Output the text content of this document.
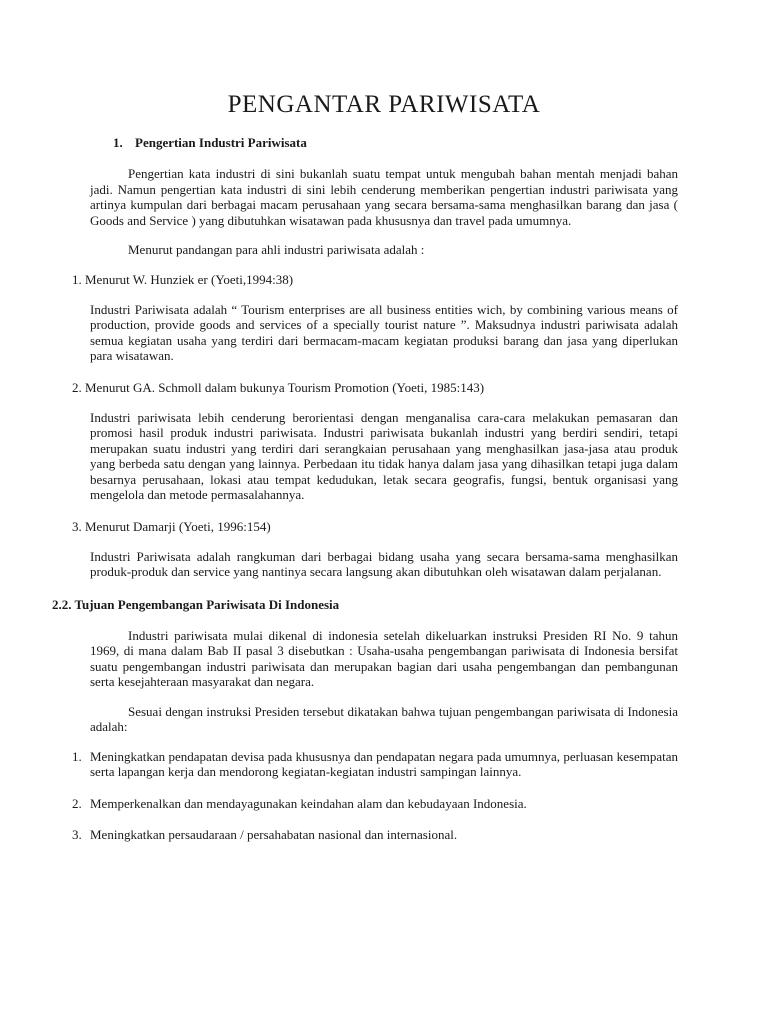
PENGANTAR PARIWISATA
1. Pengertian Industri Pariwisata

Pengertian kata industri di sini bukanlah suatu tempat untuk mengubah bahan mentah menjadi bahan jadi. Namun pengertian kata industri di sini lebih cenderung memberikan pengertian industri pariwisata yang artinya kumpulan dari berbagai macam perusahaan yang secara bersama-sama menghasilkan barang dan jasa ( Goods and Service ) yang dibutuhkan wisatawan pada khususnya dan travel pada umumnya.

Menurut pandangan para ahli industri pariwisata adalah :

1. Menurut W. Hunziek er (Yoeti,1994:38)

Industri Pariwisata adalah “ Tourism enterprises are all business entities wich, by combining various means of production, provide goods and services of a specially tourist nature ”. Maksudnya industri pariwisata adalah semua kegiatan usaha yang terdiri dari bermacam-macam kegiatan produksi barang dan jasa yang diperlukan para wisatawan.

2. Menurut GA. Schmoll dalam bukunya Tourism Promotion (Yoeti, 1985:143)

Industri pariwisata lebih cenderung berorientasi dengan menganalisa cara-cara melakukan pemasaran dan promosi hasil produk industri pariwisata. Industri pariwisata bukanlah industri yang berdiri sendiri, tetapi merupakan suatu industri yang terdiri dari serangkaian perusahaan yang menghasilkan jasa-jasa atau produk yang berbeda satu dengan yang lainnya. Perbedaan itu tidak hanya dalam jasa yang dihasilkan tetapi juga dalam besarnya perusahaan, lokasi atau tempat kedudukan, letak secara geografis, fungsi, bentuk organisasi yang mengelola dan metode permasalahannya.

3. Menurut Damarji (Yoeti, 1996:154)

Industri Pariwisata adalah rangkuman dari berbagai bidang usaha yang secara bersama-sama menghasilkan produk-produk dan service yang nantinya secara langsung akan dibutuhkan oleh wisatawan dalam perjalanan.

2.2. Tujuan Pengembangan Pariwisata Di Indonesia

Industri pariwisata mulai dikenal di indonesia setelah dikeluarkan instruksi Presiden RI No. 9 tahun 1969, di mana dalam Bab II pasal 3 disebutkan : Usaha-usaha pengembangan pariwisata di Indonesia bersifat suatu pengembangan industri pariwisata dan merupakan bagian dari usaha pengembangan dan pembangunan serta kesejahteraan masyarakat dan negara.

Sesuai dengan instruksi Presiden tersebut dikatakan bahwa tujuan pengembangan pariwisata di Indonesia adalah:

1. Meningkatkan pendapatan devisa pada khususnya dan pendapatan negara pada umumnya, perluasan kesempatan serta lapangan kerja dan mendorong kegiatan-kegiatan industri sampingan lainnya.
2. Memperkenalkan dan mendayagunakan keindahan alam dan kebudayaan Indonesia.
3. Meningkatkan persaudaraan / persahabatan nasional dan internasional.
